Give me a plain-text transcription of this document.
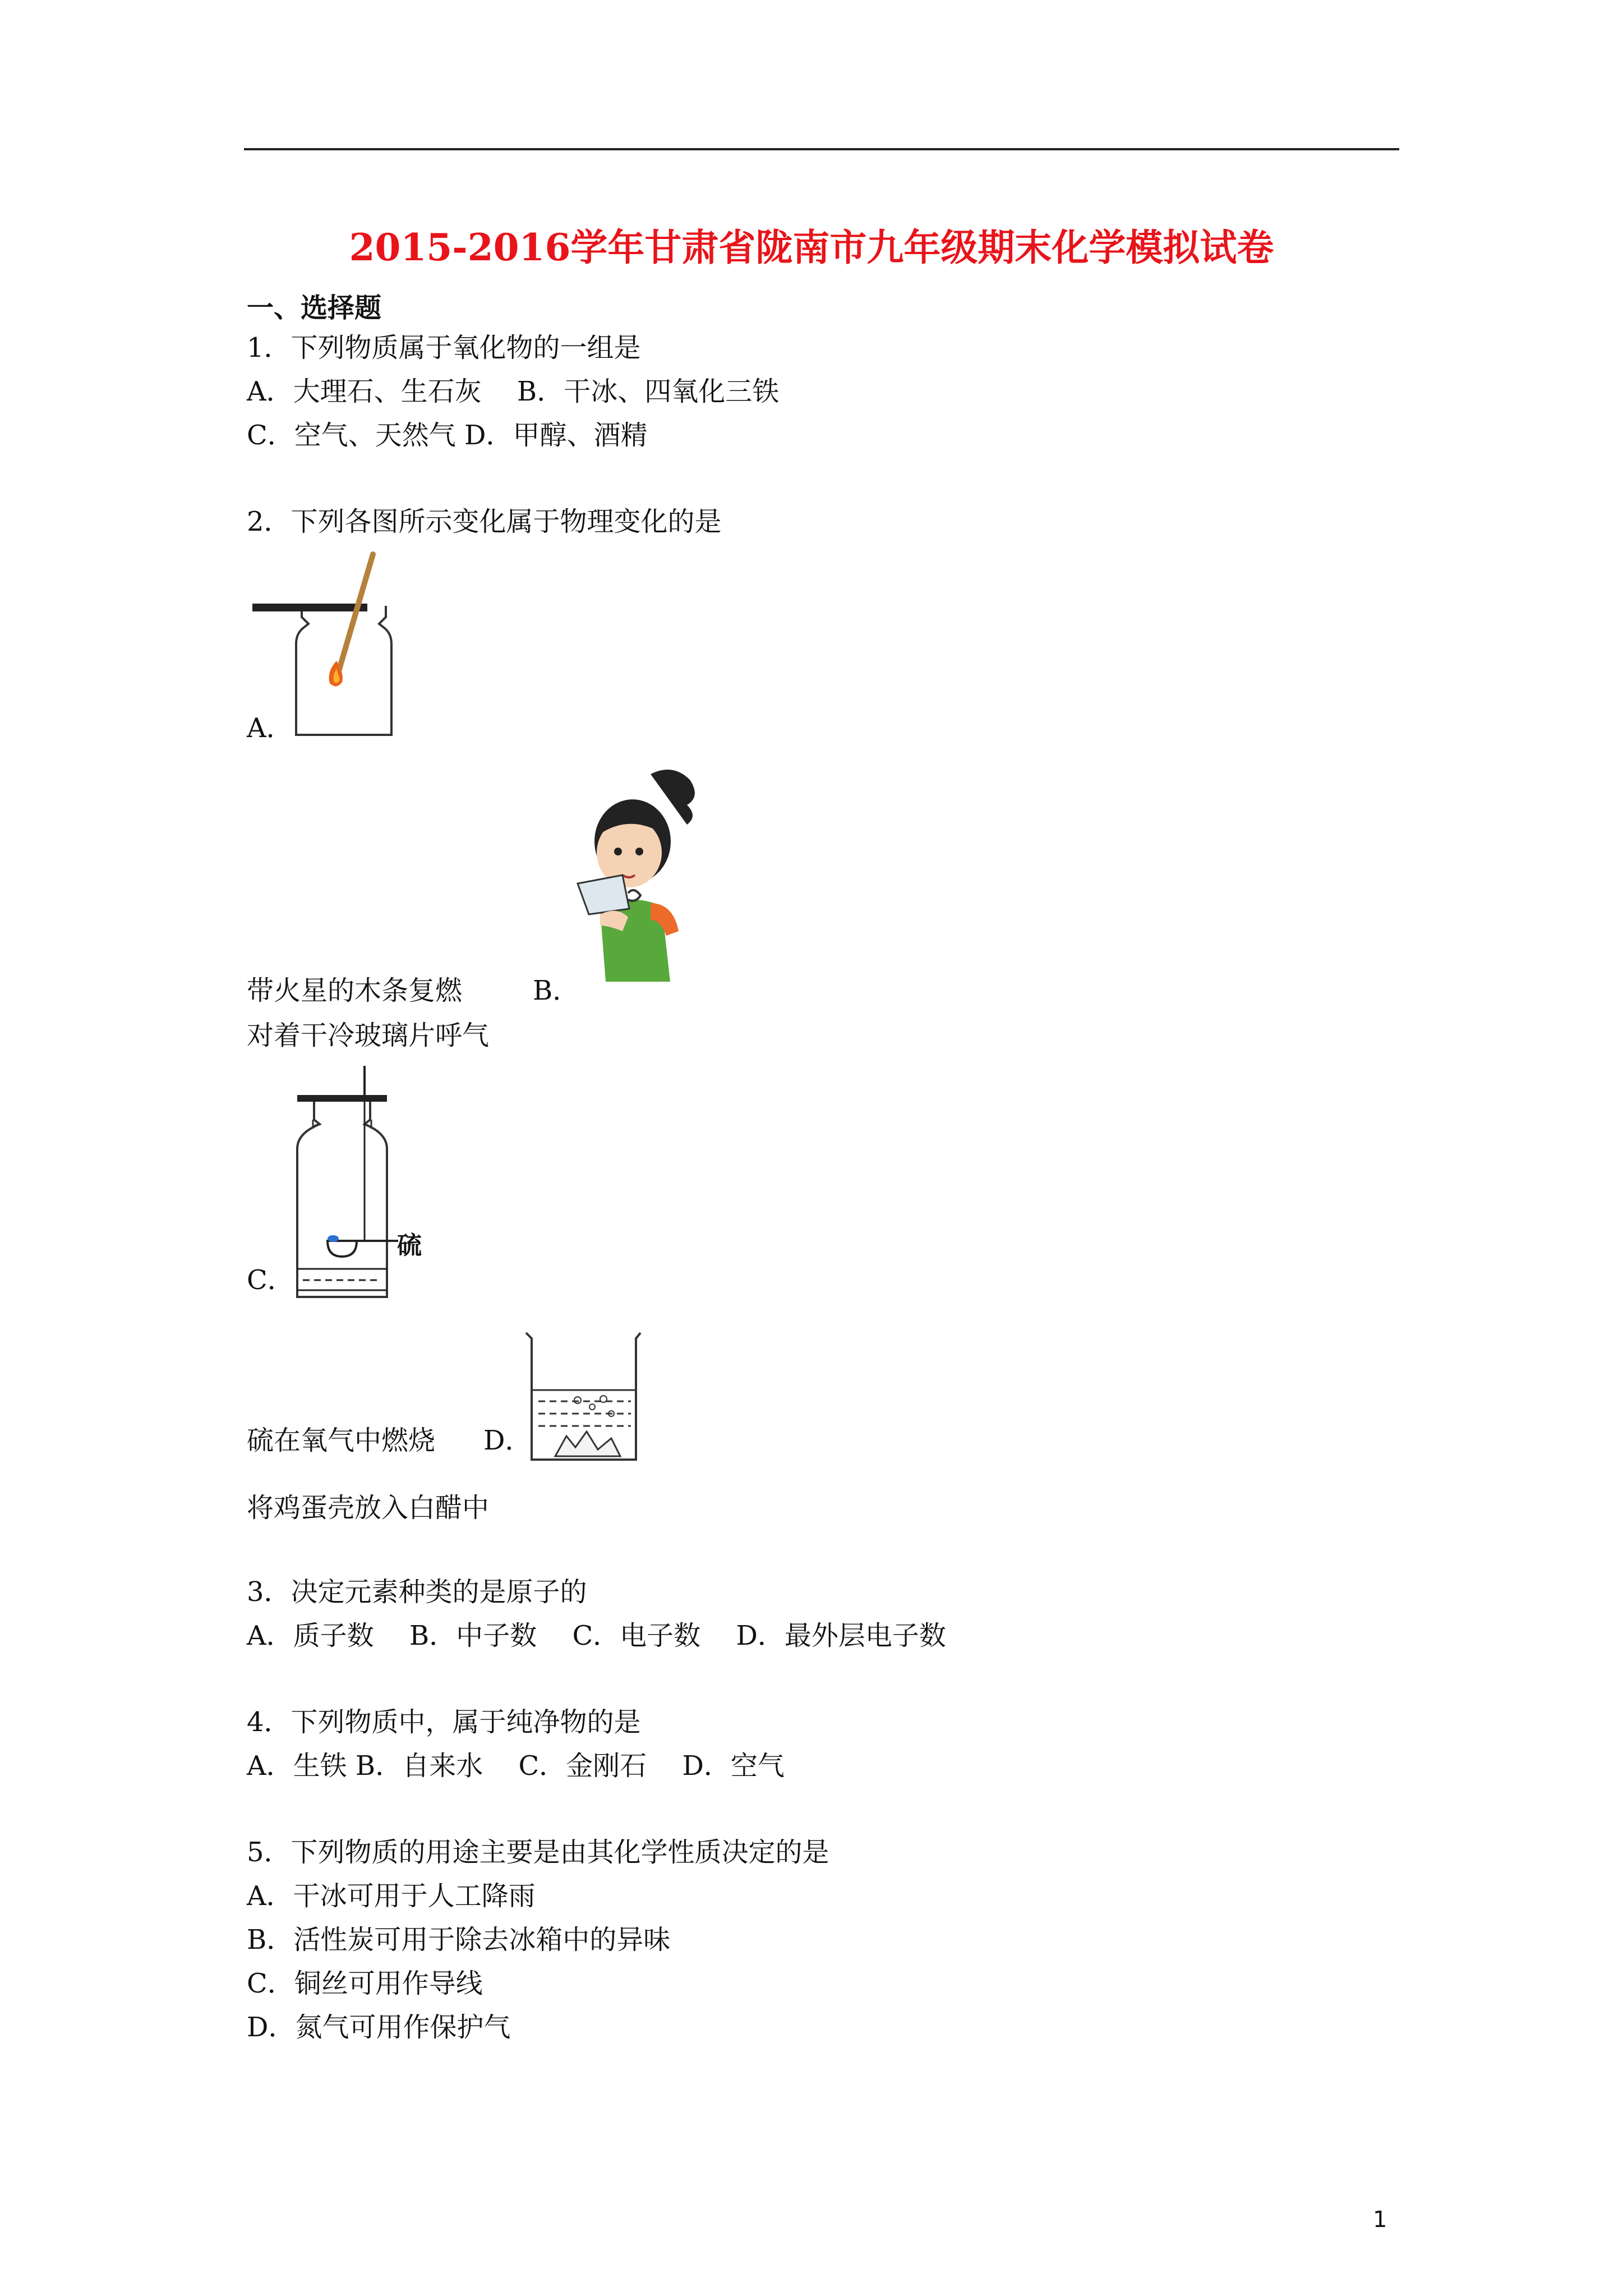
2015-2016学年甘肃省陇南市九年级期末化学模拟试卷
一、选择题
1．下列物质属于氧化物的一组是
A．大理石、生石灰　 B．干冰、四氧化三铁
C．空气、天然气 D．甲醇、酒精
2．下列各图所示变化属于物理变化的是
A．
带火星的木条复燃	B．
对着干冷玻璃片呼气
硫
C．
硫在氧气中燃烧 D．
将鸡蛋壳放入白醋中
3．决定元素种类的是原子的
A．质子数　 B．中子数　 C．电子数　 D．最外层电子数
4．下列物质中，属于纯净物的是
A．生铁 B．自来水　 C．金刚石　 D．空气
5．下列物质的用途主要是由其化学性质决定的是
A．干冰可用于人工降雨
B．活性炭可用于除去冰箱中的异味
C．铜丝可用作导线
D．氮气可用作保护气
1
